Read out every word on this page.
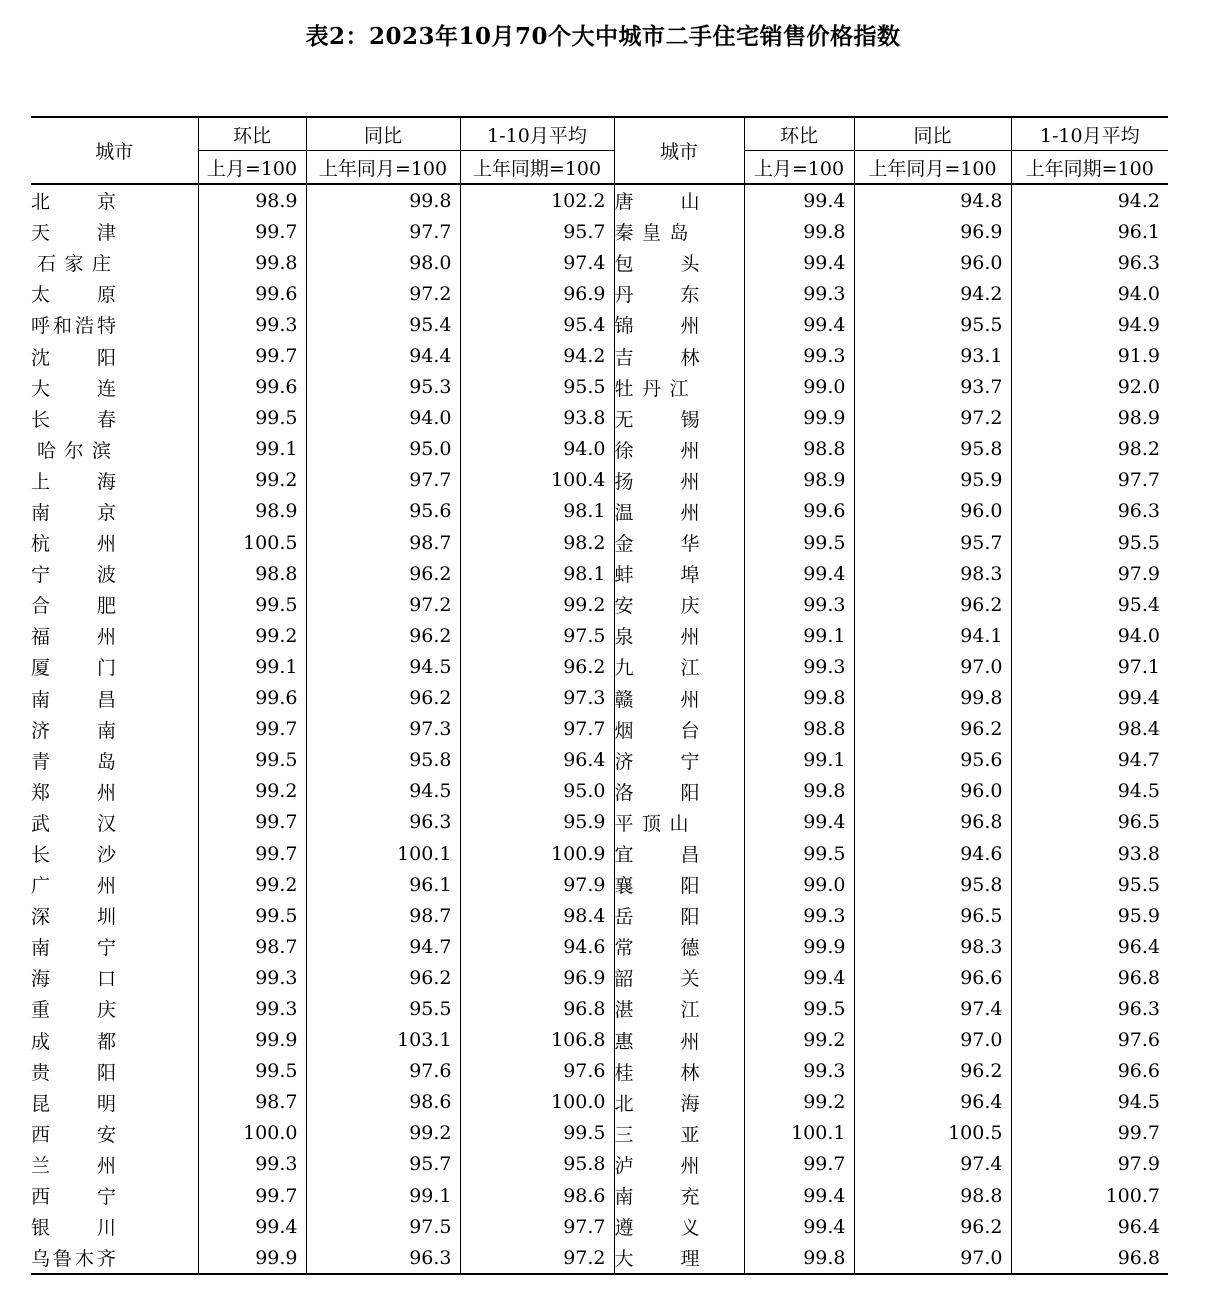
表2：2023年10月70个大中城市二手住宅销售价格指数
城市	环比	同比	1-10月平均	城市	环比	同比	1-10月平均
	上月=100	上年同月=100	上年同期=100		上月=100	上年同月=100	上年同期=100

北京	98.9	99.8	102.2	唐山	99.4	94.8	94.2

天津	99.7	97.7	95.7	秦皇岛	99.8	96.9	96.1

石家庄	99.8	98.0	97.4	包头	99.4	96.0	96.3

太原	99.6	97.2	96.9	丹东	99.3	94.2	94.0

呼和浩特	99.3	95.4	95.4	锦州	99.4	95.5	94.9

沈阳	99.7	94.4	94.2	吉林	99.3	93.1	91.9

大连	99.6	95.3	95.5	牡丹江	99.0	93.7	92.0

长春	99.5	94.0	93.8	无锡	99.9	97.2	98.9

哈尔滨	99.1	95.0	94.0	徐州	98.8	95.8	98.2

上海	99.2	97.7	100.4	扬州	98.9	95.9	97.7

南京	98.9	95.6	98.1	温州	99.6	96.0	96.3

杭州	100.5	98.7	98.2	金华	99.5	95.7	95.5

宁波	98.8	96.2	98.1	蚌埠	99.4	98.3	97.9

合肥	99.5	97.2	99.2	安庆	99.3	96.2	95.4

福州	99.2	96.2	97.5	泉州	99.1	94.1	94.0

厦门	99.1	94.5	96.2	九江	99.3	97.0	97.1

南昌	99.6	96.2	97.3	赣州	99.8	99.8	99.4

济南	99.7	97.3	97.7	烟台	98.8	96.2	98.4

青岛	99.5	95.8	96.4	济宁	99.1	95.6	94.7

郑州	99.2	94.5	95.0	洛阳	99.8	96.0	94.5

武汉	99.7	96.3	95.9	平顶山	99.4	96.8	96.5

长沙	99.7	100.1	100.9	宜昌	99.5	94.6	93.8

广州	99.2	96.1	97.9	襄阳	99.0	95.8	95.5

深圳	99.5	98.7	98.4	岳阳	99.3	96.5	95.9

南宁	98.7	94.7	94.6	常德	99.9	98.3	96.4

海口	99.3	96.2	96.9	韶关	99.4	96.6	96.8

重庆	99.3	95.5	96.8	湛江	99.5	97.4	96.3

成都	99.9	103.1	106.8	惠州	99.2	97.0	97.6

贵阳	99.5	97.6	97.6	桂林	99.3	96.2	96.6

昆明	98.7	98.6	100.0	北海	99.2	96.4	94.5

西安	100.0	99.2	99.5	三亚	100.1	100.5	99.7

兰州	99.3	95.7	95.8	泸州	99.7	97.4	97.9

西宁	99.7	99.1	98.6	南充	99.4	98.8	100.7

银川	99.4	97.5	97.7	遵义	99.4	96.2	96.4

乌鲁木齐	99.9	96.3	97.2	大理	99.8	97.0	96.8
